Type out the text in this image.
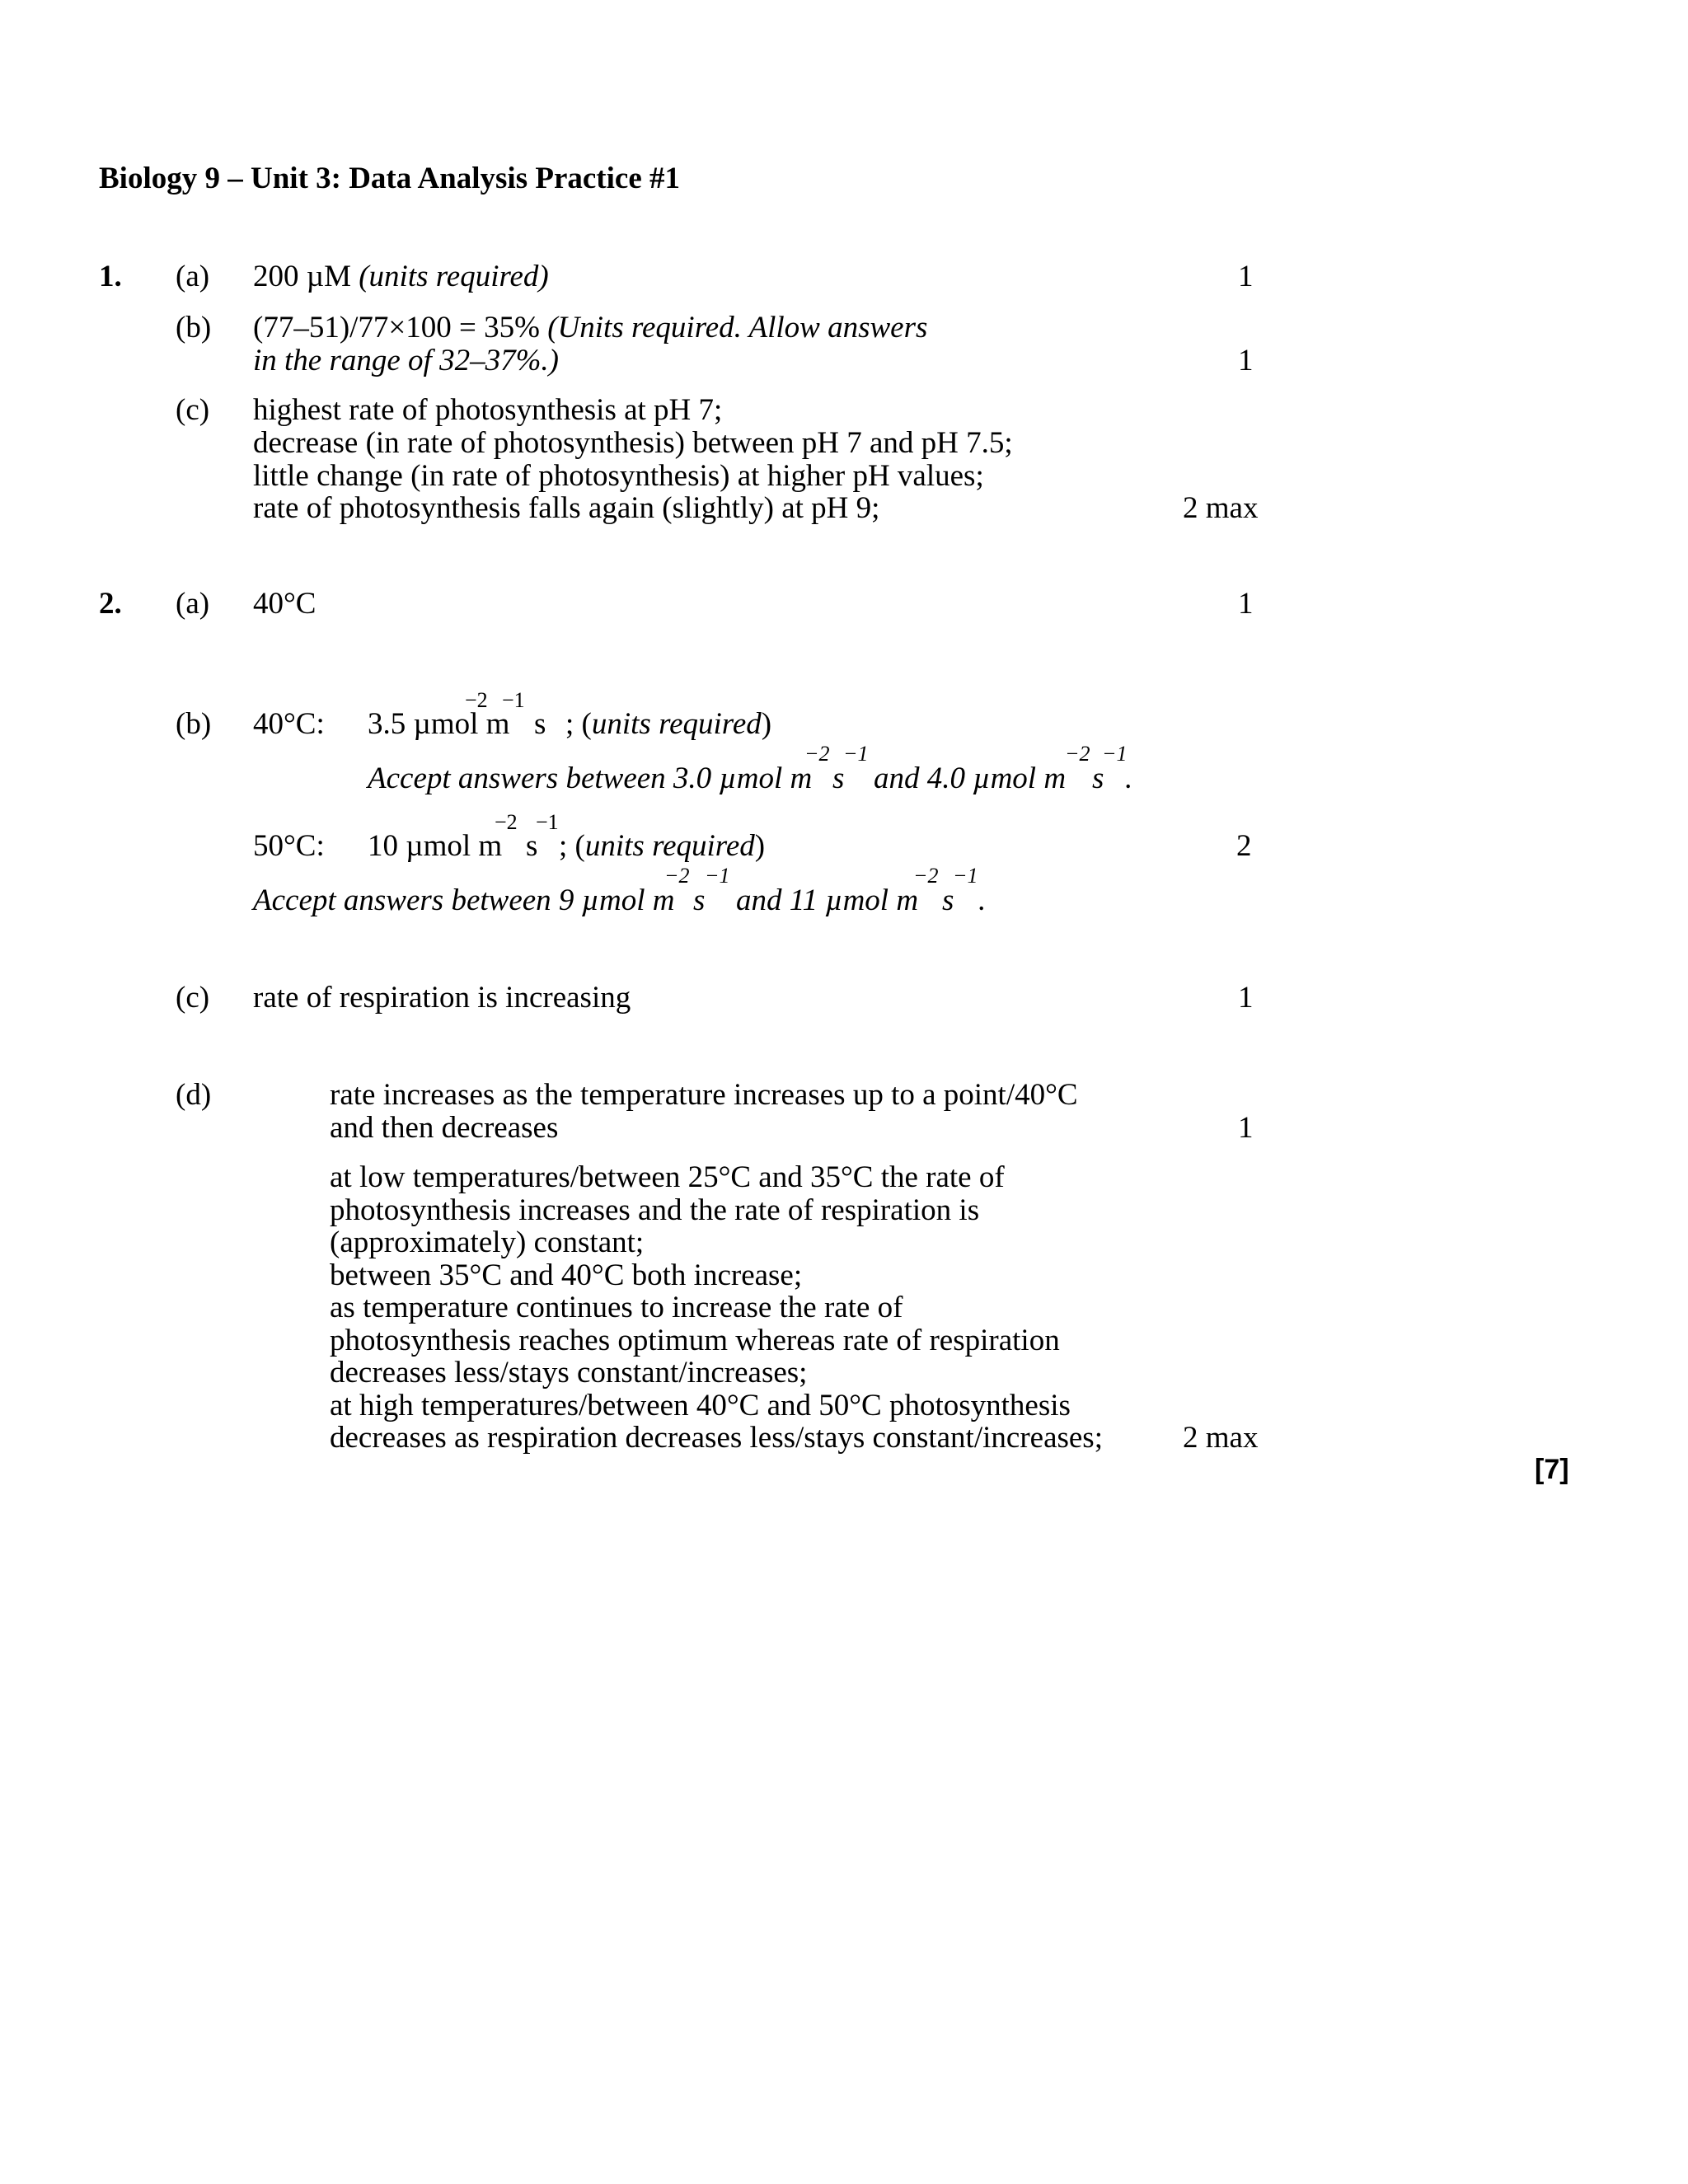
Biology 9 – Unit 3: Data Analysis Practice #1
1. (a) 200 µM (units required)	1
(b) (77–51)/77×100 = 35% (Units required. Allow answers
in the range of 32–37%.)	1
(c) highest rate of photosynthesis at pH 7;
decrease (in rate of photosynthesis) between pH 7 and pH 7.5;
little change (in rate of photosynthesis) at higher pH values;
rate of photosynthesis falls again (slightly) at pH 9;	2 max
2. (a) 40°C	1
−2 −1
(b) 40°C: 3.5 µmol m s ; (units required)
−2 −1	−2 −1
Accept answers between 3.0 µmol m s and 4.0 µmol m s .
−2 −1
50°C: 10 µmol m s ; (units required)	2
−2 −1	−2 −1
Accept answers between 9 µmol m s and 11 µmol m s .
(c) rate of respiration is increasing	1
(d)	rate increases as the temperature increases up to a point/40°C
and then decreases	1
at low temperatures/between 25°C and 35°C the rate of
photosynthesis increases and the rate of respiration is
(approximately) constant;
between 35°C and 40°C both increase;
as temperature continues to increase the rate of
photosynthesis reaches optimum whereas rate of respiration
decreases less/stays constant/increases;
at high temperatures/between 40°C and 50°C photosynthesis
decreases as respiration decreases less/stays constant/increases;	2 max
[7]
